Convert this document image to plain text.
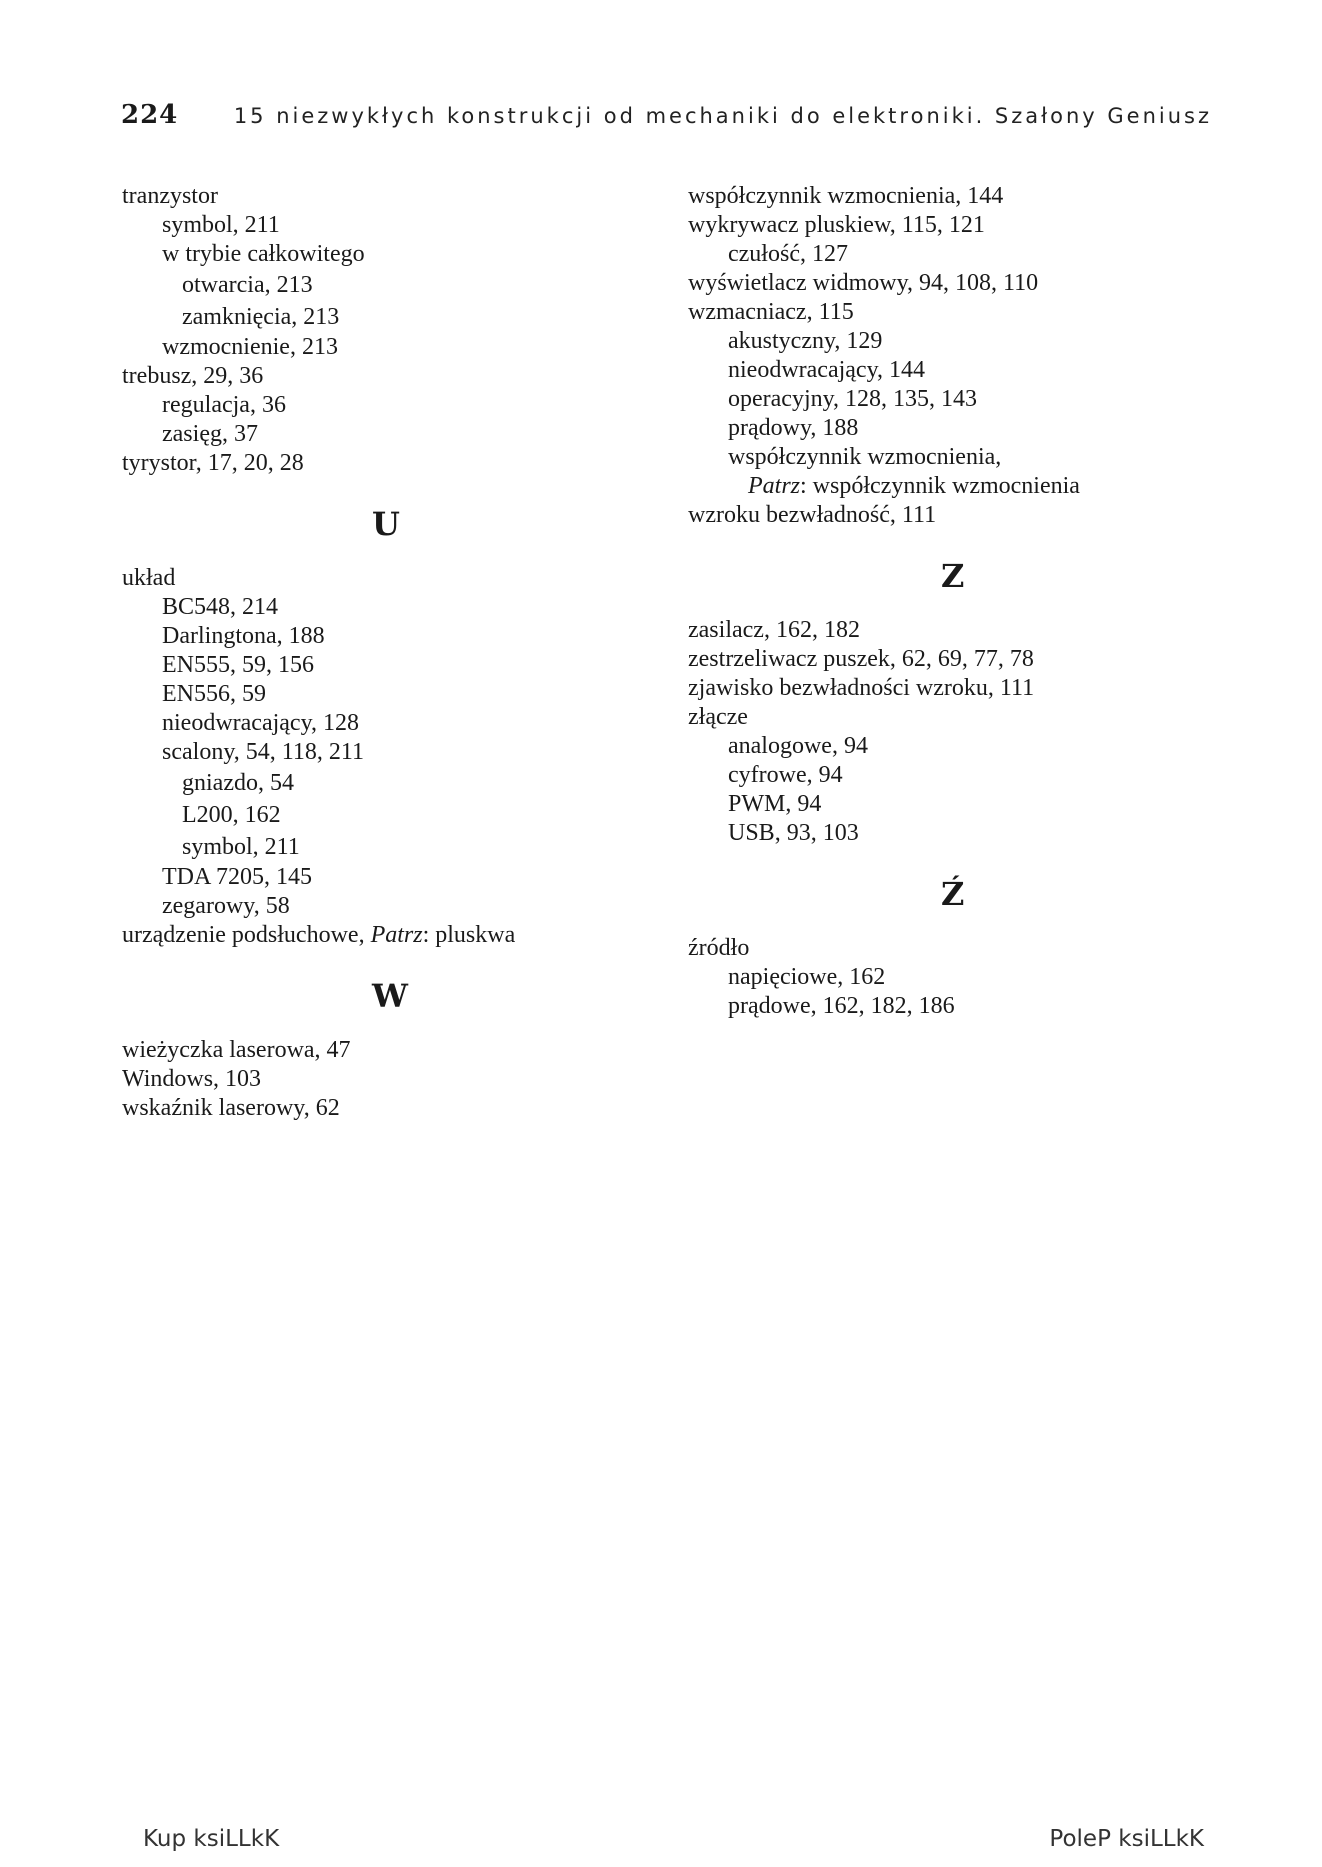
224	15 niezwykłych konstrukcji od mechaniki do elektroniki. Szałony Geniusz
tranzystor
symbol, 211
w trybie całkowitego
otwarcia, 213
zamknięcia, 213
wzmocnienie, 213
trebusz, 29, 36
regulacja, 36
zasięg, 37
tyrystor, 17, 20, 28
U
układ
BC548, 214
Darlingtona, 188
EN555, 59, 156
EN556, 59
nieodwracający, 128
scalony, 54, 118, 211
gniazdo, 54
L200, 162
symbol, 211
TDA 7205, 145
zegarowy, 58
urządzenie podsłuchowe, Patrz: pluskwa
W
wieżyczka laserowa, 47
Windows, 103
wskaźnik laserowy, 62
współczynnik wzmocnienia, 144
wykrywacz pluskiew, 115, 121
czułość, 127
wyświetlacz widmowy, 94, 108, 110
wzmacniacz, 115
akustyczny, 129
nieodwracający, 144
operacyjny, 128, 135, 143
prądowy, 188
współczynnik wzmocnienia,
Patrz: współczynnik wzmocnienia
wzroku bezwładność, 111
Z
zasilacz, 162, 182
zestrzeliwacz puszek, 62, 69, 77, 78
zjawisko bezwładności wzroku, 111
złącze
analogowe, 94
cyfrowe, 94
PWM, 94
USB, 93, 103
Ź
źródło
napięciowe, 162
prądowe, 162, 182, 186
Kup ksiLLkK	PoleP ksiLLkK
